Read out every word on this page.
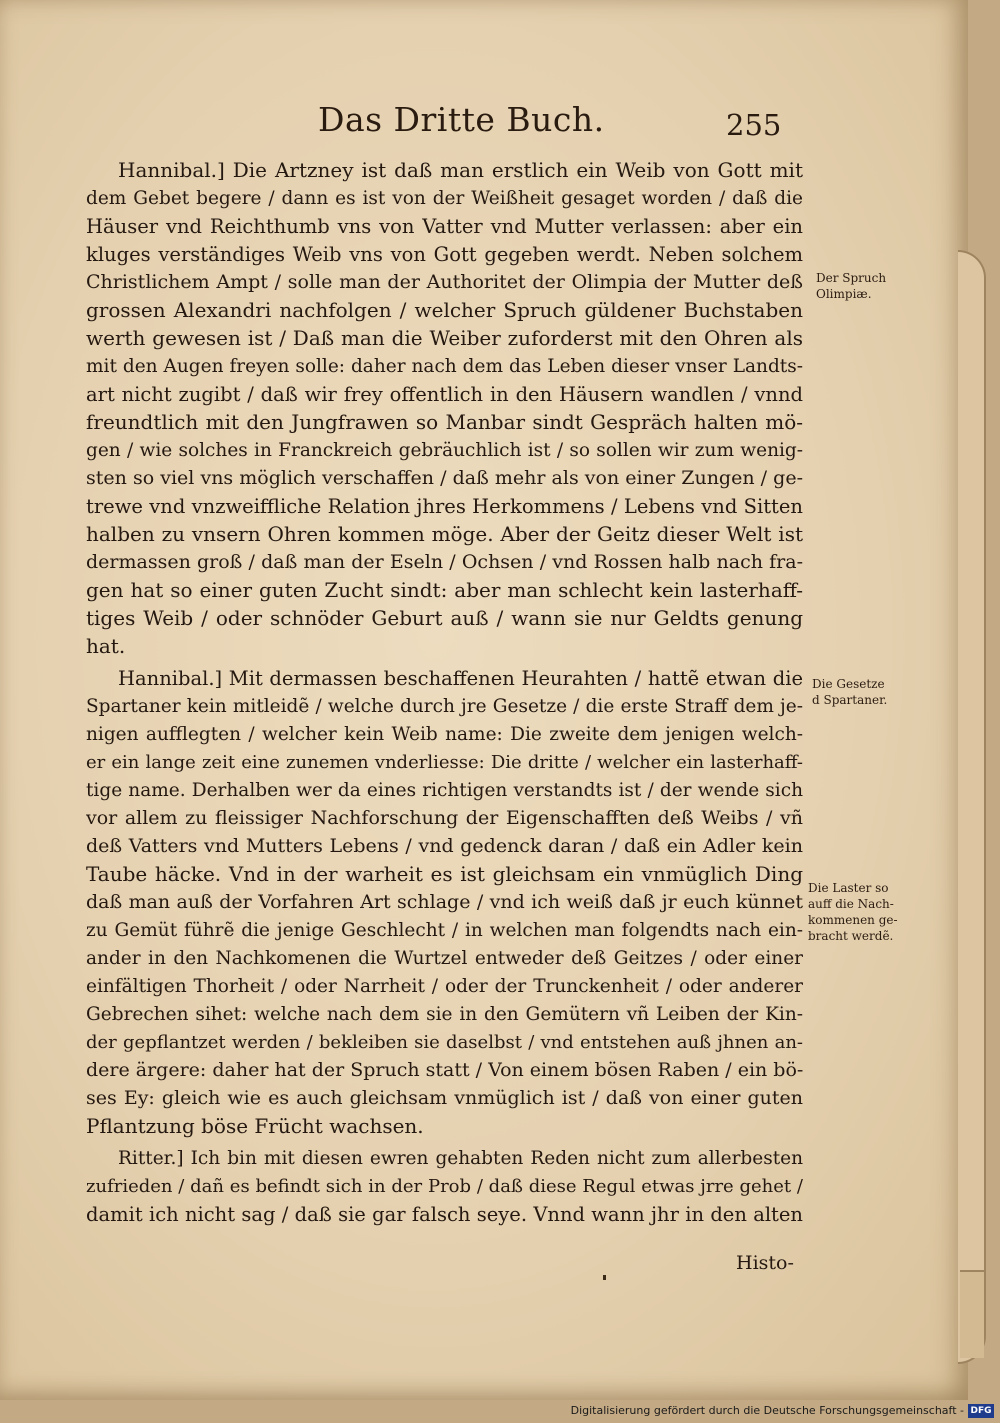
Das Dritte Buch.	255
Hannibal.] Die Artzney ist daß man erstlich ein Weib von Gott mit
dem Gebet begere / dann es ist von der Weißheit gesaget worden / daß die
Häuser vnd Reichthumb vns von Vatter vnd Mutter verlassen: aber ein
kluges verständiges Weib vns von Gott gegeben werdt. Neben solchem
Christlichem Ampt / solle man der Authoritet der Olimpia der Mutter deß
grossen Alexandri nachfolgen / welcher Spruch güldener Buchstaben
werth gewesen ist / Daß man die Weiber zuforderst mit den Ohren als
mit den Augen freyen solle: daher nach dem das Leben dieser vnser Landts-
art nicht zugibt / daß wir frey offentlich in den Häusern wandlen / vnnd
freundtlich mit den Jungfrawen so Manbar sindt Gespräch halten mö-
gen / wie solches in Franckreich gebräuchlich ist / so sollen wir zum wenig-
sten so viel vns möglich verschaffen / daß mehr als von einer Zungen / ge-
trewe vnd vnzweiffliche Relation jhres Herkommens / Lebens vnd Sitten
halben zu vnsern Ohren kommen möge. Aber der Geitz dieser Welt ist
dermassen groß / daß man der Eseln / Ochsen / vnd Rossen halb nach fra-
gen hat so einer guten Zucht sindt: aber man schlecht kein lasterhaff-
tiges Weib / oder schnöder Geburt auß / wann sie nur Geldts genung
hat.
Hannibal.] Mit dermassen beschaffenen Heurahten / hattẽ etwan die
Spartaner kein mitleidẽ / welche durch jre Gesetze / die erste Straff dem je-
nigen aufflegten / welcher kein Weib name: Die zweite dem jenigen welch-
er ein lange zeit eine zunemen vnderliesse: Die dritte / welcher ein lasterhaff-
tige name. Derhalben wer da eines richtigen verstandts ist / der wende sich
vor allem zu fleissiger Nachforschung der Eigenschafften deß Weibs / vñ
deß Vatters vnd Mutters Lebens / vnd gedenck daran / daß ein Adler kein
Taube häcke. Vnd in der warheit es ist gleichsam ein vnmüglich Ding
daß man auß der Vorfahren Art schlage / vnd ich weiß daß jr euch künnet
zu Gemüt führẽ die jenige Geschlecht / in welchen man folgendts nach ein-
ander in den Nachkomenen die Wurtzel entweder deß Geitzes / oder einer
einfältigen Thorheit / oder Narrheit / oder der Trunckenheit / oder anderer
Gebrechen sihet: welche nach dem sie in den Gemütern vñ Leiben der Kin-
der gepflantzet werden / bekleiben sie daselbst / vnd entstehen auß jhnen an-
dere ärgere: daher hat der Spruch statt / Von einem bösen Raben / ein bö-
ses Ey: gleich wie es auch gleichsam vnmüglich ist / daß von einer guten
Pflantzung böse Frücht wachsen.
Ritter.] Ich bin mit diesen ewren gehabten Reden nicht zum allerbesten
zufrieden / dañ es befindt sich in der Prob / daß diese Regul etwas jrre gehet /
damit ich nicht sag / daß sie gar falsch seye. Vnnd wann jhr in den alten
Der Spruch
Olimpiæ.
Die Gesetze
d Spartaner.
Die Laster so
auff die Nach-
kommenen ge-
bracht werdẽ.
Histo-
Digitalisierung gefördert durch die Deutsche Forschungsgemeinschaft - DFG
